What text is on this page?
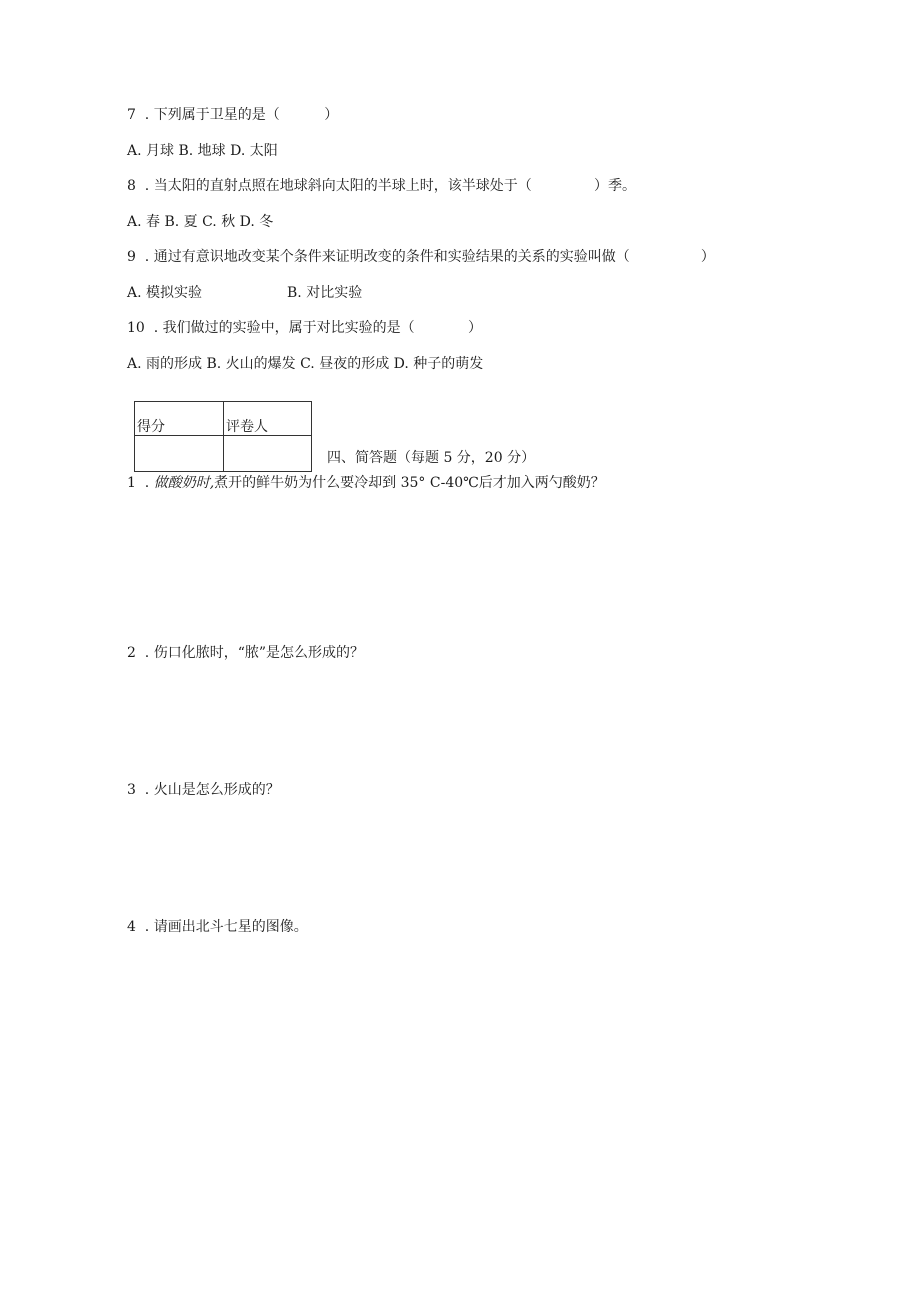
7  . 下列属于卫星的是（          ）
A. 月球 B. 地球 D. 太阳
8  . 当太阳的直射点照在地球斜向太阳的半球上时，该半球处于（              ）季。
A. 春 B. 夏 C. 秋 D. 冬
9  . 通过有意识地改变某个条件来证明改变的条件和实验结果的关系的实验叫做（                ）
A. 模拟实验	B. 对比实验
10  . 我们做过的实验中，属于对比实验的是（            ）
A. 雨的形成 B. 火山的爆发 C. 昼夜的形成 D. 种子的萌发
得分	评卷人

四、简答题（每题 5 分，20 分）
1  . 做酸奶时,煮开的鲜牛奶为什么要冷却到 35° C-40℃后才加入两勺酸奶？
2  . 伤口化脓时，“脓”是怎么形成的？
3  . 火山是怎么形成的？
4  . 请画出北斗七星的图像。
